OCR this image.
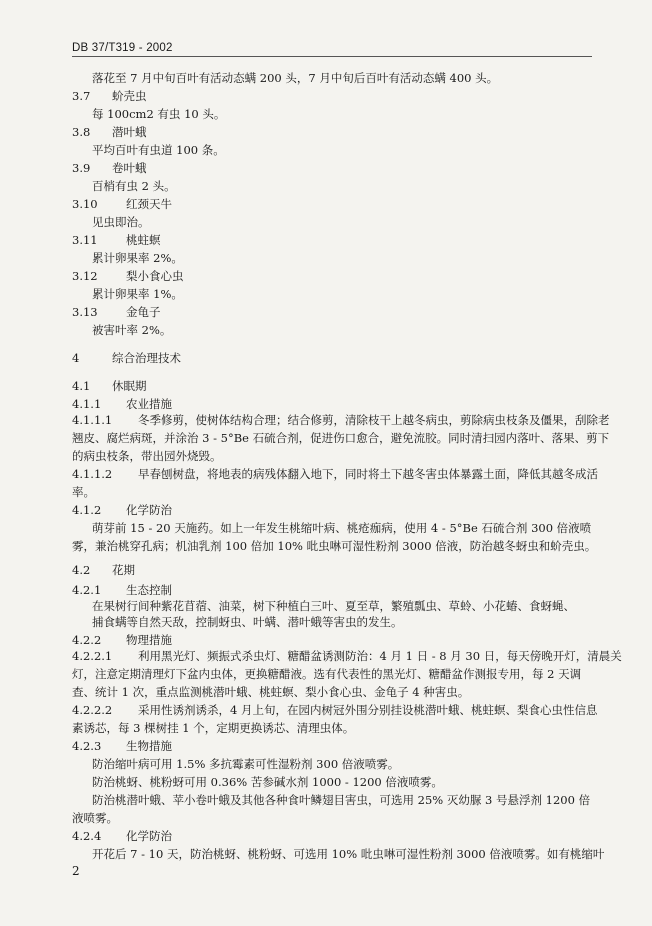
DB 37/T319 - 2002
落花至 7 月中旬百叶有活动态螨 200 头，7 月中旬后百叶有活动态螨 400 头。
3.7 蚧壳虫
每 100cm2 有虫 10 头。
3.8 潜叶蛾
平均百叶有虫道 100 条。
3.9 卷叶蛾
百梢有虫 2 头。
3.10 红颈天牛
见虫即治。
3.11 桃蛀螟
累计卵果率 2%。
3.12 梨小食心虫
累计卵果率 1%。
3.13 金龟子
被害叶率 2%。
4	综合治理技术
4.1 休眠期
4.1.1 农业措施
4.1.1.1 冬季修剪，使树体结构合理；结合修剪，清除枝干上越冬病虫，剪除病虫枝条及僵果，刮除老
翘皮、腐烂病斑，并涂治 3 - 5°Be 石硫合剂，促进伤口愈合，避免流胶。同时清扫园内落叶、落果、剪下
的病虫枝条，带出园外烧毁。
4.1.1.2 早春刨树盘，将地表的病残体翻入地下，同时将土下越冬害虫体暴露土面，降低其越冬成活
率。
4.1.2 化学防治
萌芽前 15 - 20 天施药。如上一年发生桃缩叶病、桃疮痂病，使用 4 - 5°Be 石硫合剂 300 倍液喷
雾，兼治桃穿孔病；机油乳剂 100 倍加 10% 吡虫啉可湿性粉剂 3000 倍液，防治越冬蚜虫和蚧壳虫。
4.2 花期
4.2.1 生态控制
在果树行间种紫花苜蓿、油菜，树下种植白三叶、夏至草，繁殖瓢虫、草蛉、小花蝽、食蚜蝇、
捕食螨等自然天敌，控制蚜虫、叶螨、潜叶蛾等害虫的发生。
4.2.2 物理措施
4.2.2.1 利用黑光灯、频振式杀虫灯、糖醋盆诱测防治：4 月 1 日 - 8 月 30 日，每天傍晚开灯，清晨关
灯，注意定期清理灯下盆内虫体，更换糖醋液。选有代表性的黑光灯、糖醋盆作测报专用，每 2 天调
查、统计 1 次，重点监测桃潜叶蛾、桃蛀螟、梨小食心虫、金龟子 4 种害虫。
4.2.2.2 采用性诱剂诱杀，4 月上旬，在园内树冠外围分别挂设桃潜叶蛾、桃蛀螟、梨食心虫性信息
素诱芯，每 3 棵树挂 1 个，定期更换诱芯、清理虫体。
4.2.3 生物措施
防治缩叶病可用 1.5% 多抗霉素可性湿粉剂 300 倍液喷雾。
防治桃蚜、桃粉蚜可用 0.36% 苦参碱水剂 1000 - 1200 倍液喷雾。
防治桃潜叶蛾、苹小卷叶蛾及其他各种食叶鳞翅目害虫，可选用 25% 灭幼脲 3 号悬浮剂 1200 倍
液喷雾。
4.2.4 化学防治
开花后 7 - 10 天，防治桃蚜、桃粉蚜、可选用 10% 吡虫啉可湿性粉剂 3000 倍液喷雾。如有桃缩叶
2
